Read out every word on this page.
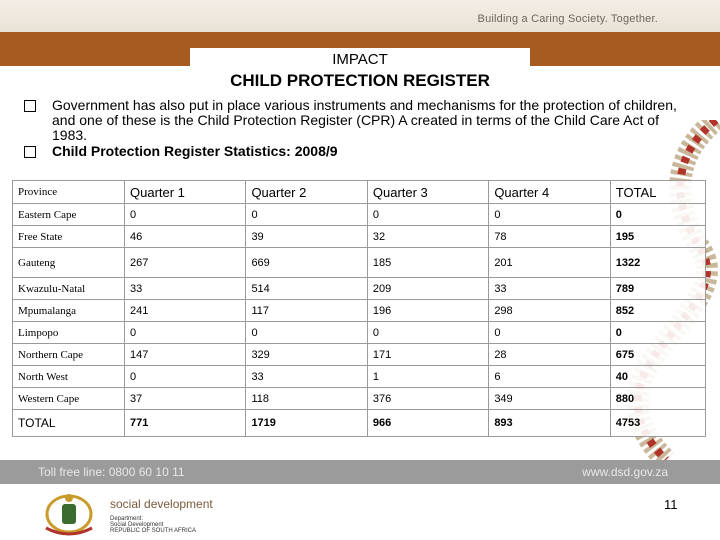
Building a Caring Society. Together.
IMPACT
CHILD PROTECTION REGISTER
Government has also put in place various instruments and mechanisms for the protection of children, and one of these is the Child Protection Register (CPR) A created in terms of the Child Care Act of 1983.
Child Protection Register Statistics: 2008/9
Province	Quarter 1	Quarter 2	Quarter 3	Quarter 4	TOTAL
Eastern Cape	0	0	0	0	0
Free State	46	39	32	78	195
Gauteng	267	669	185	201	1322
Kwazulu-Natal	33	514	209	33	789
Mpumalanga	241	117	196	298	852
Limpopo	0	0	0	0	0
Northern Cape	147	329	171	28	675
North West	0	33	1	6	40
Western Cape	37	118	376	349	880
TOTAL	771	1719	966	893	4753
Toll free line: 0800 60 10 11	www.dsd.gov.za
social development
Department:
Social Development
REPUBLIC OF SOUTH AFRICA
11
